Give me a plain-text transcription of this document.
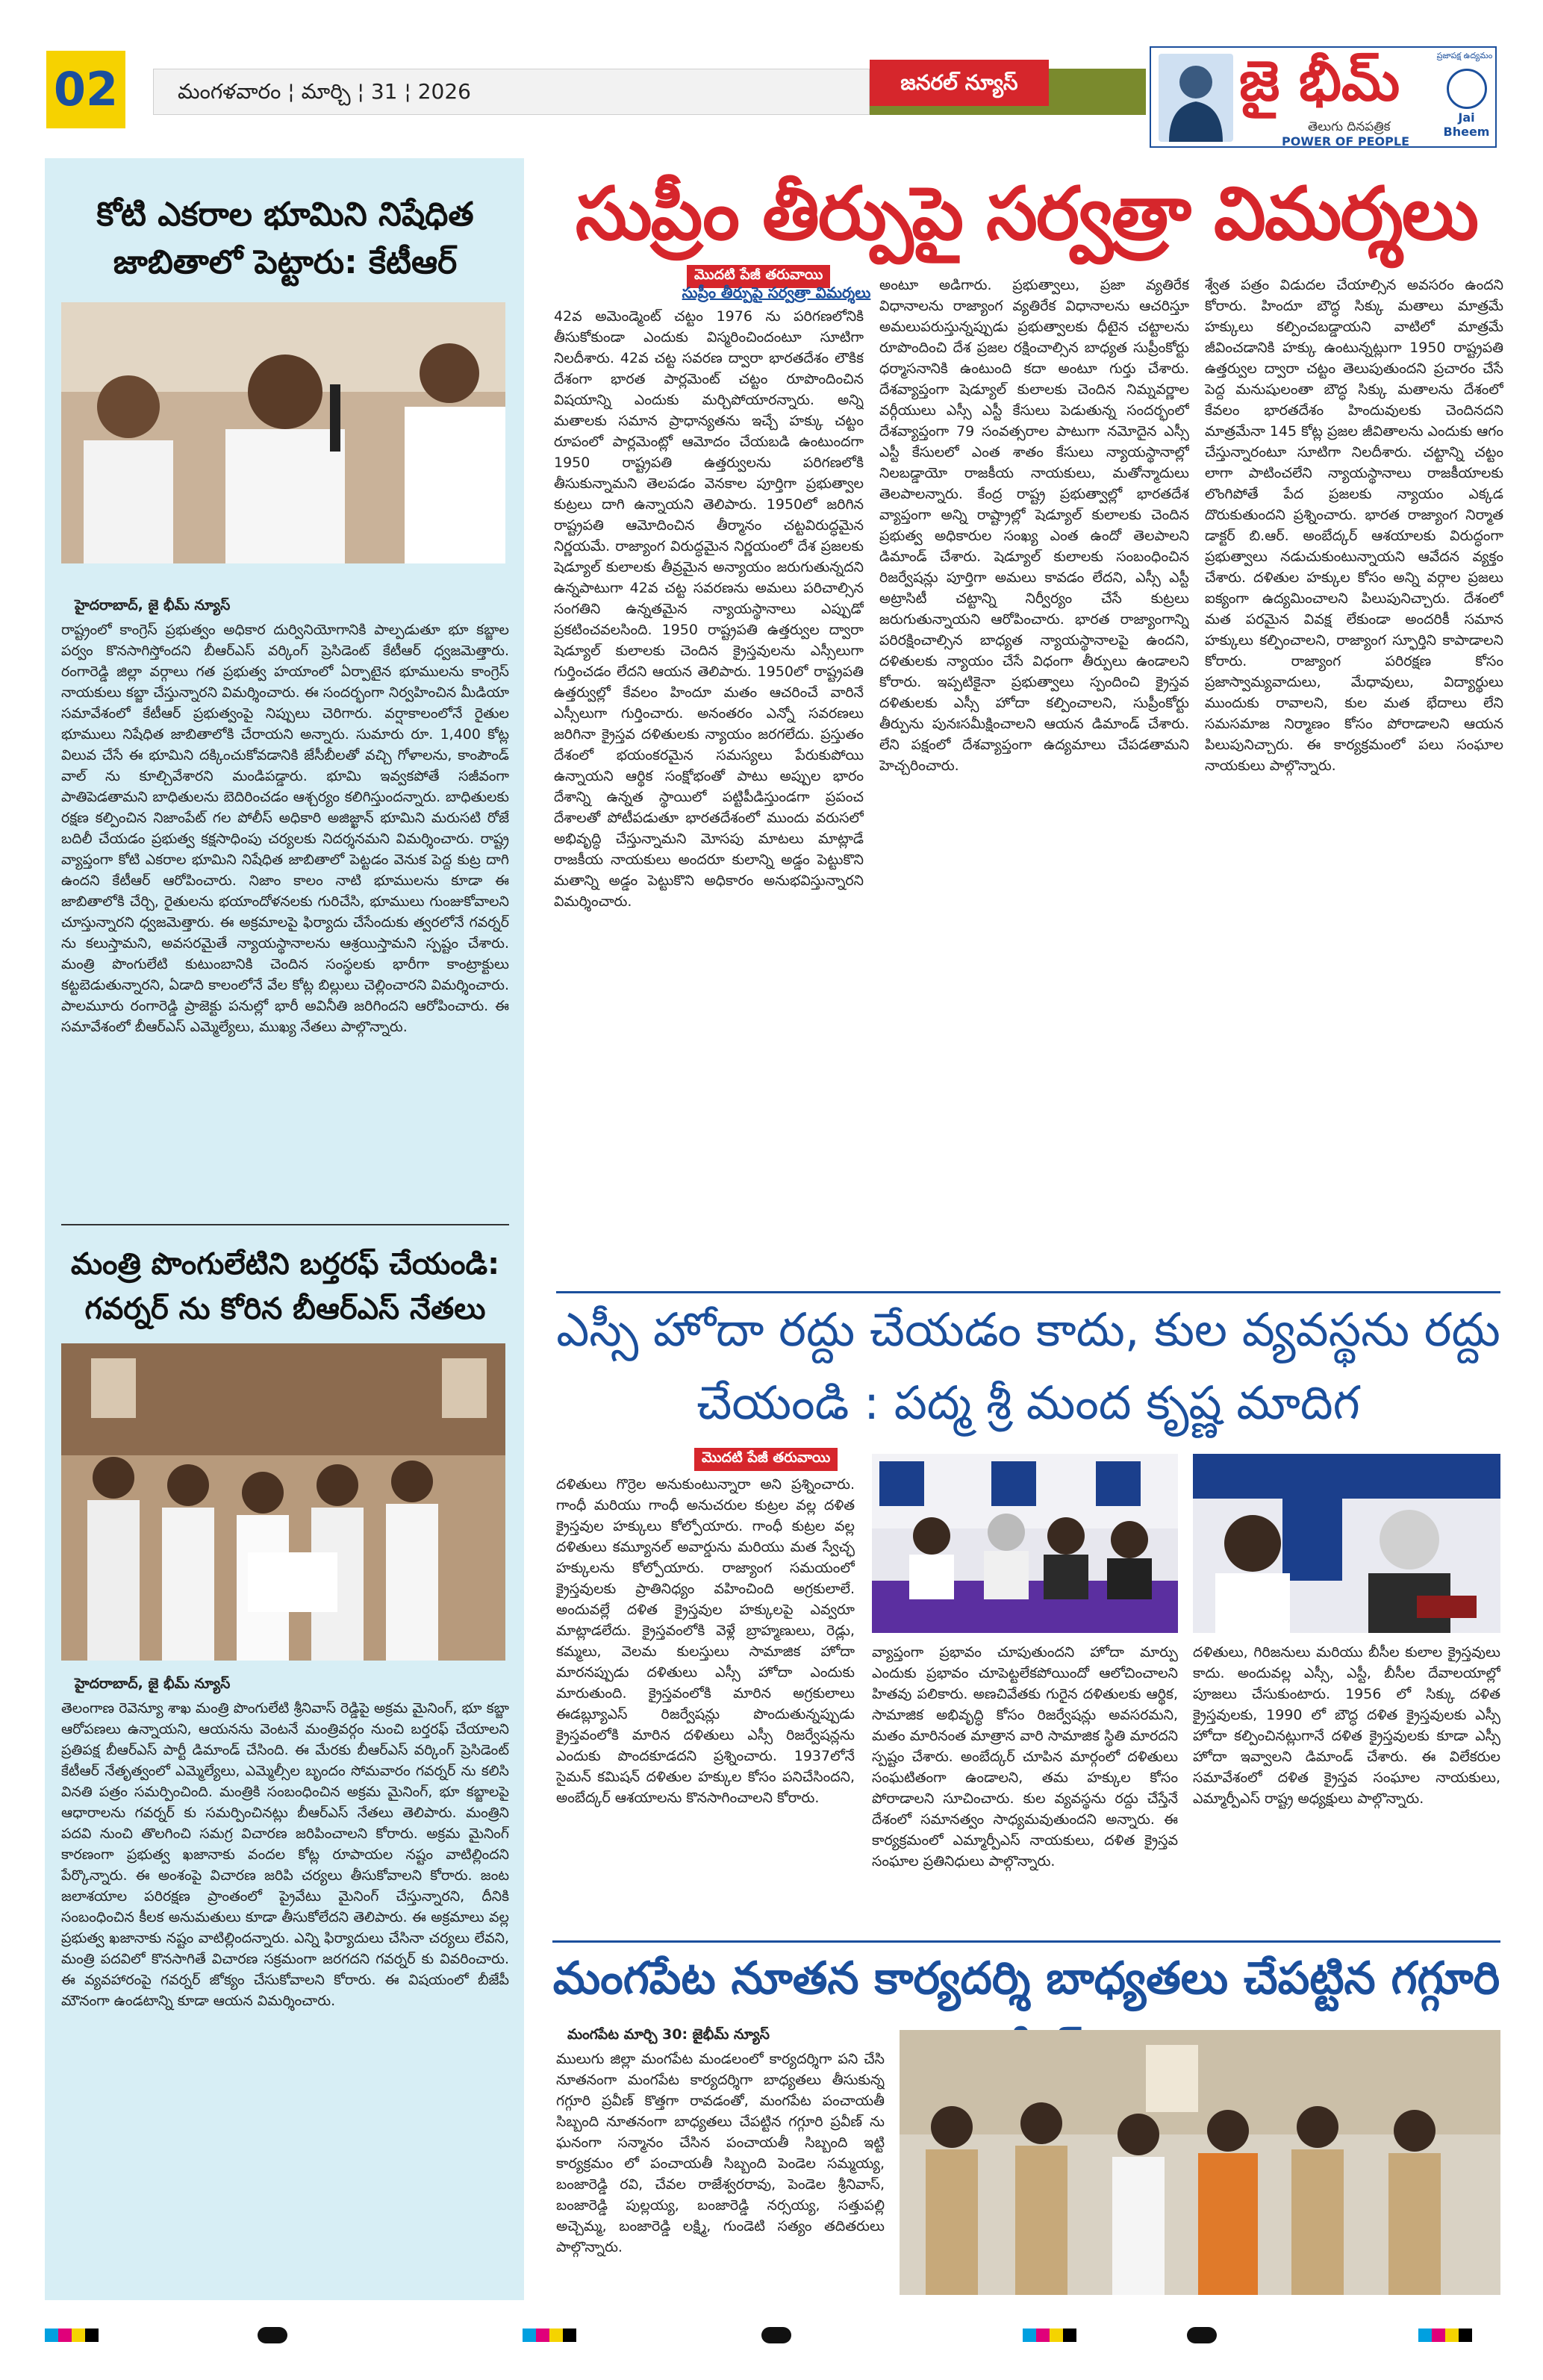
02	మంగళవారం ¦ మార్చి ¦ 31 ¦ 2026	జనరల్ న్యూస్	జై భీమ్
తెలుగు దినపత్రిక
POWER OF PEOPLE
ప్రజాపక్ష ఉద్యమం
Jai Bheem
కోటి ఎకరాల భూమిని నిషేధిత జాబితాలో పెట్టారు: కేటీఆర్
హైదరాబాద్, జై భీమ్ న్యూస్
రాష్ట్రంలో కాంగ్రెస్ ప్రభుత్వం అధికార దుర్వినియోగానికి పాల్పడుతూ భూ కబ్జాల పర్వం కొనసాగిస్తోందని బీఆర్ఎస్ వర్కింగ్ ప్రెసిడెంట్ కేటీఆర్ ధ్వజమెత్తారు. రంగారెడ్డి జిల్లా వర్గాలు గత ప్రభుత్వ హయాంలో ఏర్పాటైన భూములను కాంగ్రెస్ నాయకులు కబ్జా చేస్తున్నారని విమర్శించారు. ఈ సందర్భంగా నిర్వహించిన మీడియా సమావేశంలో కేటీఆర్ ప్రభుత్వంపై నిప్పులు చెరిగారు. వర్షాకాలంలోనే రైతుల భూములు నిషేధిత జాబితాలోకి చేరాయని అన్నారు. సుమారు రూ. 1,400 కోట్ల విలువ చేసే ఈ భూమిని దక్కించుకోవడానికి జేసీబీలతో వచ్చి గోళాలను, కాంపౌండ్ వాల్ ను కూల్చివేశారని మండిపడ్డారు. భూమి ఇవ్వకపోతే సజీవంగా పాతిపెడతామని బాధితులను బెదిరించడం ఆశ్చర్యం కలిగిస్తుందన్నారు. బాధితులకు రక్షణ కల్పించిన నిజాంపేట్ గల పోలీస్ అధికారి అజిజ్ఖాన్ భూమిని మరుసటి రోజే బదిలీ చేయడం ప్రభుత్వ కక్షసాధింపు చర్యలకు నిదర్శనమని విమర్శించారు. రాష్ట్ర వ్యాప్తంగా కోటి ఎకరాల భూమిని నిషేధిత జాబితాలో పెట్టడం వెనుక పెద్ద కుట్ర దాగి ఉందని కేటీఆర్ ఆరోపించారు. నిజాం కాలం నాటి భూములను కూడా ఈ జాబితాలోకి చేర్చి, రైతులను భయాందోళనలకు గురిచేసి, భూములు గుంజుకోవాలని చూస్తున్నారని ధ్వజమెత్తారు. ఈ అక్రమాలపై ఫిర్యాదు చేసేందుకు త్వరలోనే గవర్నర్ ను కలుస్తామని, అవసరమైతే న్యాయస్థానాలను ఆశ్రయిస్తామని స్పష్టం చేశారు. మంత్రి పొంగులేటి కుటుంబానికి చెందిన సంస్థలకు భారీగా కాంట్రాక్టులు కట్టబెడుతున్నారని, ఏడాది కాలంలోనే వేల కోట్ల బిల్లులు చెల్లించారని విమర్శించారు. పాలమూరు రంగారెడ్డి ప్రాజెక్టు పనుల్లో భారీ అవినీతి జరిగిందని ఆరోపించారు. ఈ సమావేశంలో బీఆర్ఎస్ ఎమ్మెల్యేలు, ముఖ్య నేతలు పాల్గొన్నారు.
మంత్రి పొంగులేటిని బర్తరఫ్ చేయండి: గవర్నర్ ను కోరిన బీఆర్ఎస్ నేతలు
హైదరాబాద్, జై భీమ్ న్యూస్
తెలంగాణ రెవెన్యూ శాఖ మంత్రి పొంగులేటి శ్రీనివాస్ రెడ్డిపై అక్రమ మైనింగ్, భూ కబ్జా ఆరోపణలు ఉన్నాయని, ఆయనను వెంటనే మంత్రివర్గం నుంచి బర్తరఫ్ చేయాలని ప్రతిపక్ష బీఆర్ఎస్ పార్టీ డిమాండ్ చేసింది. ఈ మేరకు బీఆర్ఎస్ వర్కింగ్ ప్రెసిడెంట్ కేటీఆర్ నేతృత్వంలో ఎమ్మెల్యేలు, ఎమ్మెల్సీల బృందం సోమవారం గవర్నర్ ను కలిసి వినతి పత్రం సమర్పించింది. మంత్రికి సంబంధించిన అక్రమ మైనింగ్, భూ కబ్జాలపై ఆధారాలను గవర్నర్ కు సమర్పించినట్లు బీఆర్ఎస్ నేతలు తెలిపారు. మంత్రిని పదవి నుంచి తొలగించి సమగ్ర విచారణ జరిపించాలని కోరారు. అక్రమ మైనింగ్ కారణంగా ప్రభుత్వ ఖజానాకు వందల కోట్ల రూపాయల నష్టం వాటిల్లిందని పేర్కొన్నారు. ఈ అంశంపై విచారణ జరిపి చర్యలు తీసుకోవాలని కోరారు. జంట జలాశయాల పరిరక్షణ ప్రాంతంలో ప్రైవేటు మైనింగ్ చేస్తున్నారని, దీనికి సంబంధించిన కీలక అనుమతులు కూడా తీసుకోలేదని తెలిపారు. ఈ అక్రమాలు వల్ల ప్రభుత్వ ఖజానాకు నష్టం వాటిల్లిందన్నారు. ఎన్ని ఫిర్యాదులు చేసినా చర్యలు లేవని, మంత్రి పదవిలో కొనసాగితే విచారణ సక్రమంగా జరగదని గవర్నర్ కు వివరించారు. ఈ వ్యవహారంపై గవర్నర్ జోక్యం చేసుకోవాలని కోరారు. ఈ విషయంలో బీజేపీ మౌనంగా ఉండటాన్ని కూడా ఆయన విమర్శించారు.
సుప్రీం తీర్పుపై సర్వత్రా విమర్శలు
మొదటి పేజీ తరువాయి
సుప్రీం తీర్పుపై సర్వత్రా విమర్శలు
42వ అమెండ్మెంట్ చట్టం 1976 ను పరిగణలోనికి తీసుకోకుండా ఎందుకు విస్మరించిందంటూ సూటిగా నిలదీశారు. 42వ చట్ట సవరణ ద్వారా భారతదేశం లౌకిక దేశంగా భారత పార్లమెంట్ చట్టం రూపొందించిన విషయాన్ని ఎందుకు మర్చిపోయారన్నారు. అన్ని మతాలకు సమాన ప్రాధాన్యతను ఇచ్చే హక్కు చట్టం రూపంలో పార్లమెంట్లో ఆమోదం చేయబడి ఉంటుందగా 1950 రాష్ట్రపతి ఉత్తర్వులను పరిగణలోకి తీసుకున్నామని తెలపడం వెనకాల పూర్తిగా ప్రభుత్వాల కుట్రలు దాగి ఉన్నాయని తెలిపారు. 1950లో జరిగిన రాష్ట్రపతి ఆమోదించిన తీర్మానం చట్టవిరుద్ధమైన నిర్ణయమే. రాజ్యాంగ విరుద్ధమైన నిర్ణయంలో దేశ ప్రజలకు షెడ్యూల్ కులాలకు తీవ్రమైన అన్యాయం జరుగుతున్నదని ఉన్నపాటుగా 42వ చట్ట సవరణను అమలు పరిచాల్సిన సంగతిని ఉన్నతమైన న్యాయస్థానాలు ఎప్పుడో ప్రకటించవలసింది. 1950 రాష్ట్రపతి ఉత్తర్వుల ద్వారా షెడ్యూల్ కులాలకు చెందిన క్రైస్తవులను ఎస్సీలుగా గుర్తించడం లేదని ఆయన తెలిపారు. 1950లో రాష్ట్రపతి ఉత్తర్వుల్లో కేవలం హిందూ మతం ఆచరించే వారినే ఎస్సీలుగా గుర్తించారు. అనంతరం ఎన్నో సవరణలు జరిగినా క్రైస్తవ దళితులకు న్యాయం జరగలేదు. ప్రస్తుతం దేశంలో భయంకరమైన సమస్యలు పేరుకుపోయి ఉన్నాయని ఆర్థిక సంక్షోభంతో పాటు అప్పుల భారం దేశాన్ని ఉన్నత స్థాయిలో పట్టిపీడిస్తుండగా ప్రపంచ దేశాలతో పోటీపడుతూ భారతదేశంలో ముందు వరుసలో అభివృద్ధి చేస్తున్నామని మోసపు మాటలు మాట్లాడే రాజకీయ నాయకులు అందరూ కులాన్ని అడ్డం పెట్టుకొని మతాన్ని అడ్డం పెట్టుకొని అధికారం అనుభవిస్తున్నారని విమర్శించారు.
అంటూ అడిగారు. ప్రభుత్వాలు, ప్రజా వ్యతిరేక విధానాలను రాజ్యాంగ వ్యతిరేక విధానాలను ఆచరిస్తూ అమలుపరుస్తున్నప్పుడు ప్రభుత్వాలకు ధీటైన చట్టాలను రూపొందించి దేశ ప్రజల రక్షించాల్సిన బాధ్యత సుప్రీంకోర్టు ధర్మాసనానికి ఉంటుంది కదా అంటూ గుర్తు చేశారు. దేశవ్యాప్తంగా షెడ్యూల్ కులాలకు చెందిన నిమ్నవర్ణాల వర్గీయులు ఎస్సీ ఎస్టీ కేసులు పెడుతున్న సందర్భంలో దేశవ్యాప్తంగా 79 సంవత్సరాల పాటుగా నమోదైన ఎస్సీ ఎస్టీ కేసులలో ఎంత శాతం కేసులు న్యాయస్థానాల్లో నిలబడ్డాయో రాజకీయ నాయకులు, మతోన్మాదులు తెలపాలన్నారు. కేంద్ర రాష్ట్ర ప్రభుత్వాల్లో భారతదేశ వ్యాప్తంగా అన్ని రాష్ట్రాల్లో షెడ్యూల్ కులాలకు చెందిన ప్రభుత్వ అధికారుల సంఖ్య ఎంత ఉందో తెలపాలని డిమాండ్ చేశారు. షెడ్యూల్ కులాలకు సంబంధించిన రిజర్వేషన్లు పూర్తిగా అమలు కావడం లేదని, ఎస్సీ ఎస్టీ అట్రాసిటీ చట్టాన్ని నిర్వీర్యం చేసే కుట్రలు జరుగుతున్నాయని ఆరోపించారు. భారత రాజ్యాంగాన్ని పరిరక్షించాల్సిన బాధ్యత న్యాయస్థానాలపై ఉందని, దళితులకు న్యాయం చేసే విధంగా తీర్పులు ఉండాలని కోరారు. ఇప్పటికైనా ప్రభుత్వాలు స్పందించి క్రైస్తవ దళితులకు ఎస్సీ హోదా కల్పించాలని, సుప్రీంకోర్టు తీర్పును పునఃసమీక్షించాలని ఆయన డిమాండ్ చేశారు. లేని పక్షంలో దేశవ్యాప్తంగా ఉద్యమాలు చేపడతామని హెచ్చరించారు.
శ్వేత పత్రం విడుదల చేయాల్సిన అవసరం ఉందని కోరారు. హిందూ బౌద్ధ సిక్కు మతాలు మాత్రమే హక్కులు కల్పించబడ్డాయని వాటిలో మాత్రమే జీవించడానికి హక్కు ఉంటున్నట్లుగా 1950 రాష్ట్రపతి ఉత్తర్వుల ద్వారా చట్టం తెలుపుతుందని ప్రచారం చేసే పెద్ద మనుషులంతా బౌద్ధ సిక్కు మతాలను దేశంలో కేవలం భారతదేశం హిందువులకు చెందినదని మాత్రమేనా 145 కోట్ల ప్రజల జీవితాలను ఎందుకు ఆగం చేస్తున్నారంటూ సూటిగా నిలదీశారు. చట్టాన్ని చట్టం లాగా పాటించలేని న్యాయస్థానాలు రాజకీయాలకు లొంగిపోతే పేద ప్రజలకు న్యాయం ఎక్కడ దొరుకుతుందని ప్రశ్నించారు. భారత రాజ్యాంగ నిర్మాత డాక్టర్ బి.ఆర్. అంబేద్కర్ ఆశయాలకు విరుద్ధంగా ప్రభుత్వాలు నడుచుకుంటున్నాయని ఆవేదన వ్యక్తం చేశారు. దళితుల హక్కుల కోసం అన్ని వర్గాల ప్రజలు ఐక్యంగా ఉద్యమించాలని పిలుపునిచ్చారు. దేశంలో మత పరమైన వివక్ష లేకుండా అందరికీ సమాన హక్కులు కల్పించాలని, రాజ్యాంగ స్ఫూర్తిని కాపాడాలని కోరారు. రాజ్యాంగ పరిరక్షణ కోసం ప్రజాస్వామ్యవాదులు, మేధావులు, విద్యార్థులు ముందుకు రావాలని, కుల మత భేదాలు లేని సమసమాజ నిర్మాణం కోసం పోరాడాలని ఆయన పిలుపునిచ్చారు. ఈ కార్యక్రమంలో పలు సంఘాల నాయకులు పాల్గొన్నారు.
ఎస్సీ హోదా రద్దు చేయడం కాదు, కుల వ్యవస్థను రద్దు చేయండి : పద్మ శ్రీ మంద కృష్ణ మాదిగ
మొదటి పేజీ తరువాయి
దళితులు గొర్రెల అనుకుంటున్నారా అని ప్రశ్నించారు. గాంధీ మరియు గాంధీ అనుచరుల కుట్రల వల్ల దళిత క్రైస్తవుల హక్కులు కోల్పోయారు. గాంధీ కుట్రల వల్ల దళితులు కమ్యూనల్ అవార్డును మరియు మత స్వేచ్ఛ హక్కులను కోల్పోయారు. రాజ్యాంగ సమయంలో క్రైస్తవులకు ప్రాతినిధ్యం వహించింది అగ్రకులాలే. అందువల్లే దళిత క్రైస్తవుల హక్కులపై ఎవ్వరూ మాట్లాడలేదు. క్రైస్తవంలోకి వెళ్లే బ్రాహ్మణులు, రెడ్లు, కమ్మలు, వెలమ కులస్తులు సామాజిక హోదా మారనప్పుడు దళితులు ఎస్సీ హోదా ఎందుకు మారుతుంది. క్రైస్తవంలోకి మారిన అగ్రకులాలు ఈడబ్ల్యూఎస్ రిజర్వేషన్లు పొందుతున్నప్పుడు క్రైస్తవంలోకి మారిన దళితులు ఎస్సీ రిజర్వేషన్లను ఎందుకు పొందకూడదని ప్రశ్నించారు. 1937లోనే సైమన్ కమిషన్ దళితుల హక్కుల కోసం పనిచేసిందని, అంబేద్కర్ ఆశయాలను కొనసాగించాలని కోరారు.
వ్యాప్తంగా ప్రభావం చూపుతుందని హోదా మార్పు ఎందుకు ప్రభావం చూపెట్టలేకపోయిందో ఆలోచించాలని హితవు పలికారు. అణచివేతకు గురైన దళితులకు ఆర్థిక, సామాజిక అభివృద్ధి కోసం రిజర్వేషన్లు అవసరమని, మతం మారినంత మాత్రాన వారి సామాజిక స్థితి మారదని స్పష్టం చేశారు. అంబేద్కర్ చూపిన మార్గంలో దళితులు సంఘటితంగా ఉండాలని, తమ హక్కుల కోసం పోరాడాలని సూచించారు. కుల వ్యవస్థను రద్దు చేస్తేనే దేశంలో సమానత్వం సాధ్యమవుతుందని అన్నారు. ఈ కార్యక్రమంలో ఎమ్మార్పీఎస్ నాయకులు, దళిత క్రైస్తవ సంఘాల ప్రతినిధులు పాల్గొన్నారు.
దళితులు, గిరిజనులు మరియు బీసీల కులాల క్రైస్తవులు కాదు. అందువల్ల ఎస్సీ, ఎస్టీ, బీసీల దేవాలయాల్లో పూజలు చేసుకుంటారు. 1956 లో సిక్కు దళిత క్రైస్తవులకు, 1990 లో బౌద్ధ దళిత క్రైస్తవులకు ఎస్సీ హోదా కల్పించినట్లుగానే దళిత క్రైస్తవులకు కూడా ఎస్సీ హోదా ఇవ్వాలని డిమాండ్ చేశారు. ఈ విలేకరుల సమావేశంలో దళిత క్రైస్తవ సంఘాల నాయకులు, ఎమ్మార్పీఎస్ రాష్ట్ర అధ్యక్షులు పాల్గొన్నారు.
మంగపేట నూతన కార్యదర్శి బాధ్యతలు చేపట్టిన గగ్గూరి
మంగపేట మార్చి 30: జైభీమ్ న్యూస్
ములుగు జిల్లా మంగపేట మండలంలో కార్యదర్శిగా పని చేసి నూతనంగా మంగపేట కార్యదర్శిగా బాధ్యతలు తీసుకున్న గగ్గూరి ప్రవీణ్ కొత్తగా రావడంతో, మంగపేట పంచాయతీ సిబ్బంది నూతనంగా బాధ్యతలు చేపట్టిన గగ్గూరి ప్రవీణ్ ను ఘనంగా సన్మానం చేసిన పంచాయతీ సిబ్బంది ఇట్టి కార్యక్రమం లో పంచాయతీ సిబ్బంది పెండెల సమ్మయ్య, బంజారెడ్డి రవి, చేవల రాజేశ్వరరావు, పెండెల శ్రీనివాస్, బంజారెడ్డి పుల్లయ్య, బంజారెడ్డి నర్సయ్య, సత్తుపల్లి అచ్చెమ్మ, బంజారెడ్డి లక్ష్మి, గుండెటి సత్యం తదితరులు పాల్గొన్నారు.
